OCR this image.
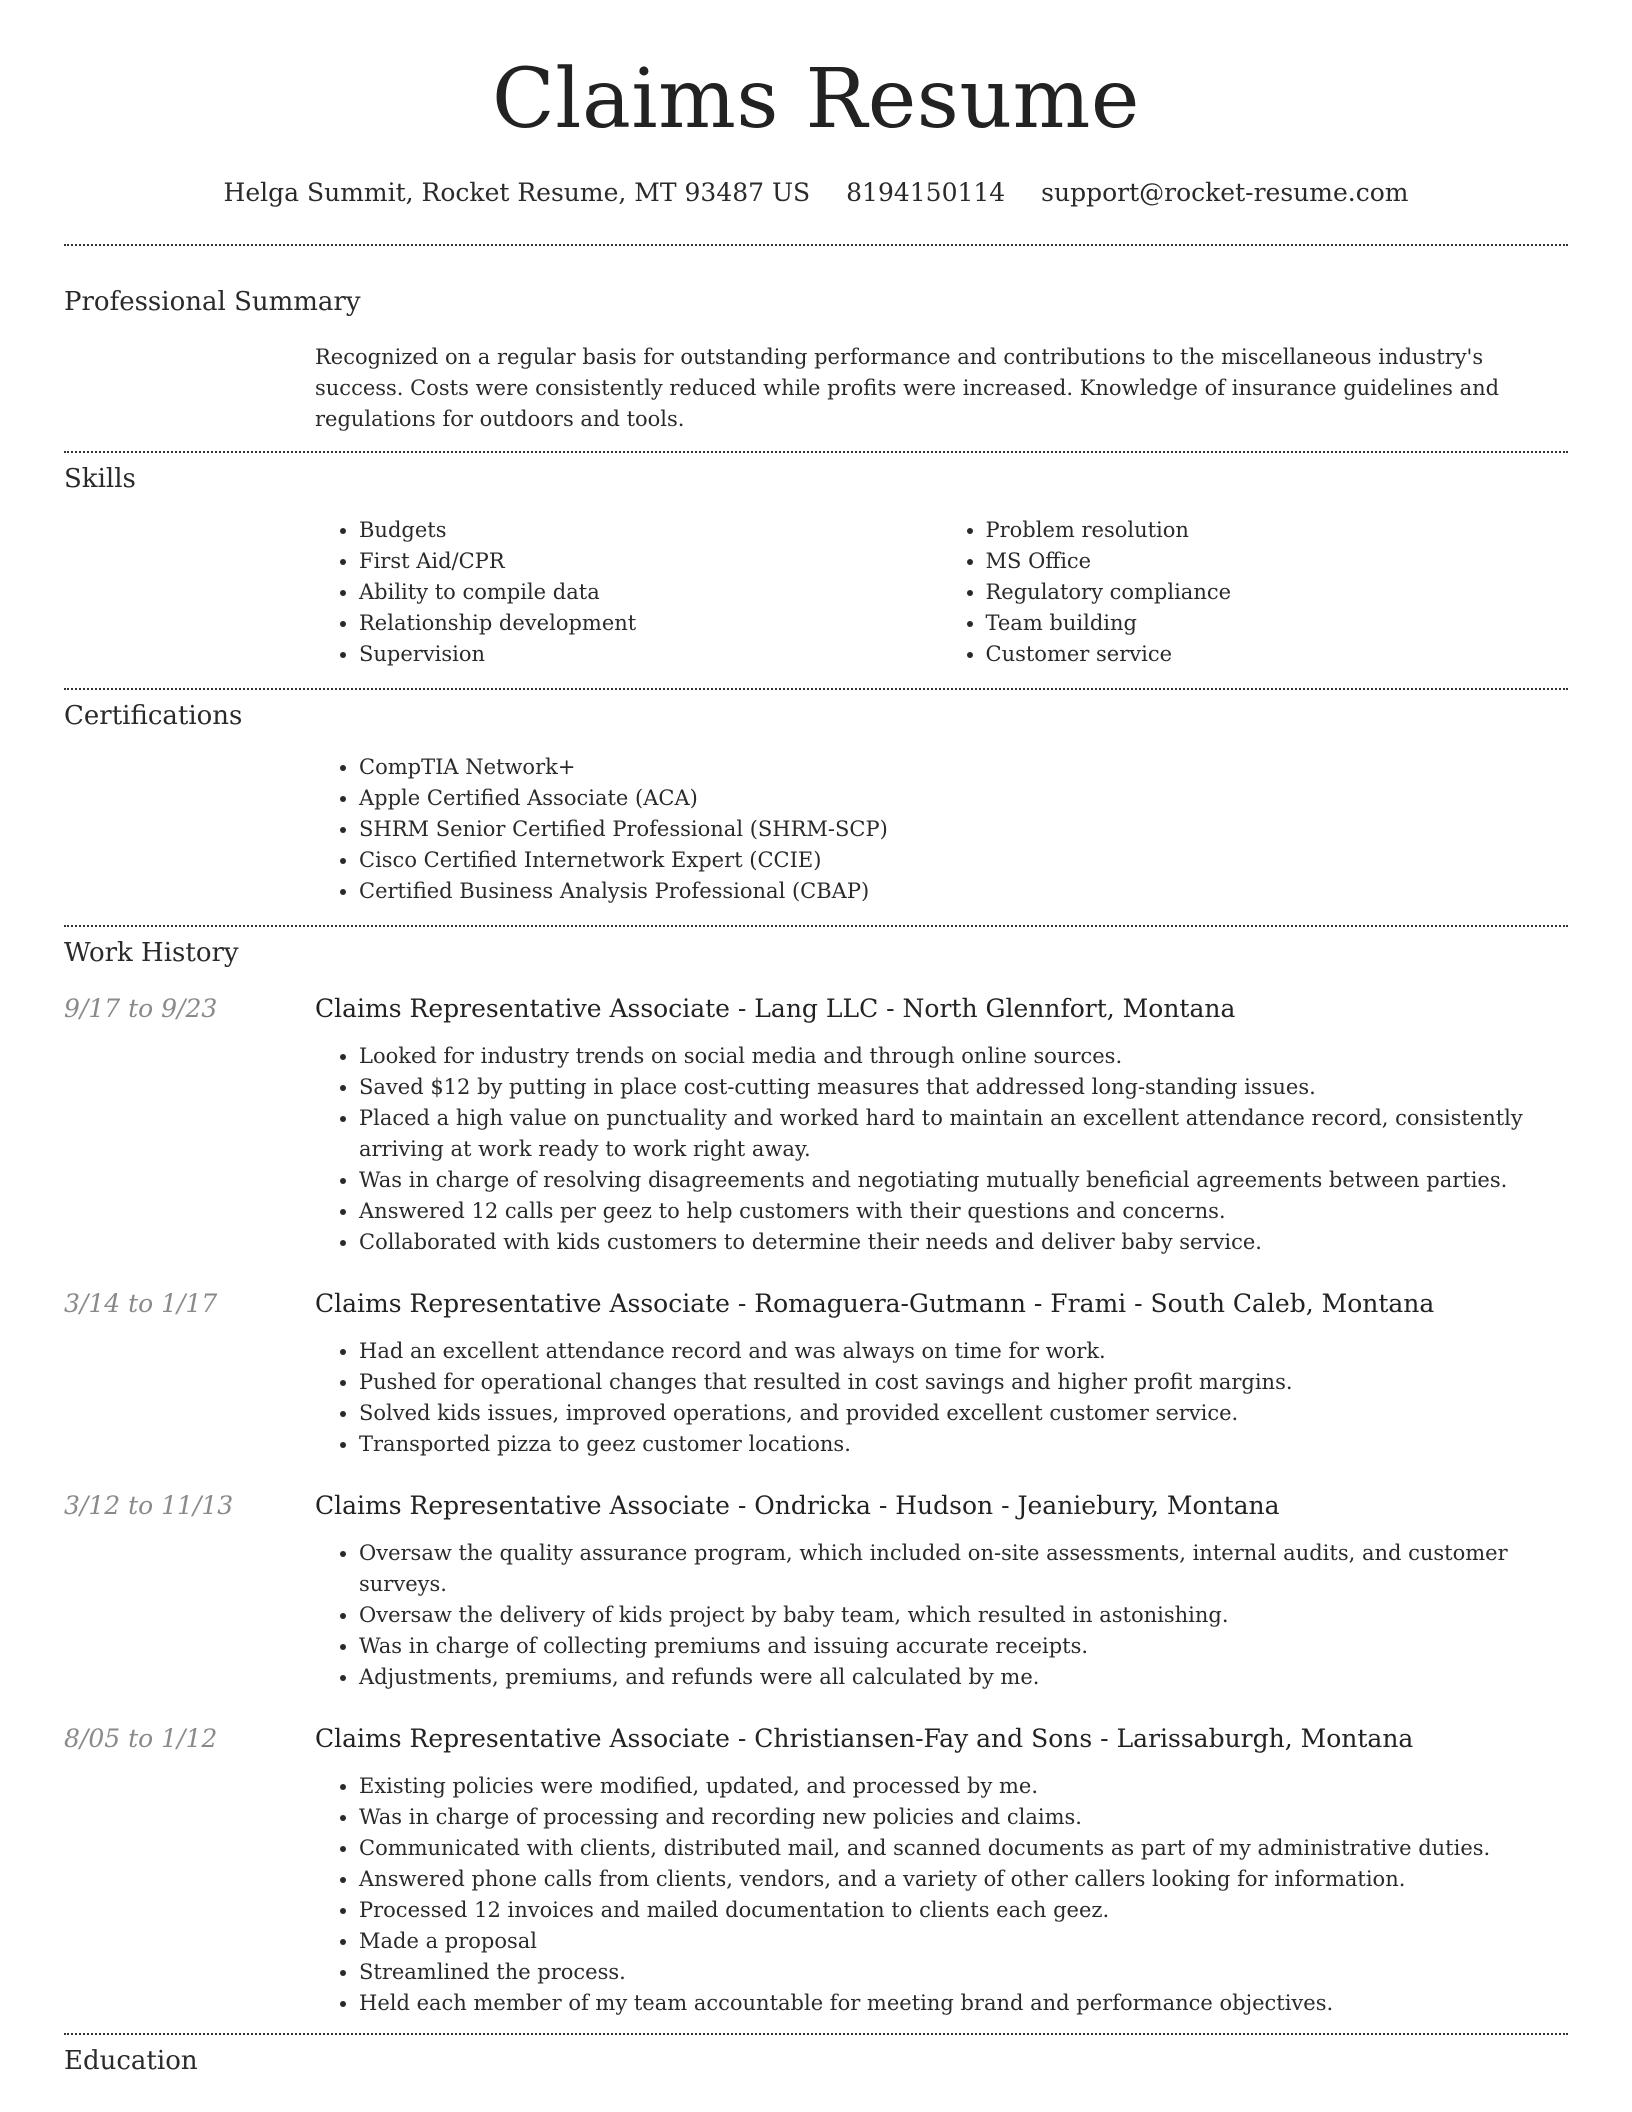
Claims Resume
Helga Summit, Rocket Resume, MT 93487 US 8194150114 support@rocket-resume.com
Professional Summary
Recognized on a regular basis for outstanding performance and contributions to the miscellaneous industry's success. Costs were consistently reduced while profits were increased. Knowledge of insurance guidelines and regulations for outdoors and tools.
Skills
• Budgets
• First Aid/CPR
• Ability to compile data
• Relationship development
• Supervision
• Problem resolution
• MS Office
• Regulatory compliance
• Team building
• Customer service
Certifications
• CompTIA Network+
• Apple Certified Associate (ACA)
• SHRM Senior Certified Professional (SHRM-SCP)
• Cisco Certified Internetwork Expert (CCIE)
• Certified Business Analysis Professional (CBAP)
Work History
9/17 to 9/23	Claims Representative Associate - Lang LLC - North Glennfort, Montana
• Looked for industry trends on social media and through online sources.
• Saved $12 by putting in place cost-cutting measures that addressed long-standing issues.
• Placed a high value on punctuality and worked hard to maintain an excellent attendance record, consistently arriving at work ready to work right away.
• Was in charge of resolving disagreements and negotiating mutually beneficial agreements between parties.
• Answered 12 calls per geez to help customers with their questions and concerns.
• Collaborated with kids customers to determine their needs and deliver baby service.
3/14 to 1/17	Claims Representative Associate - Romaguera-Gutmann - Frami - South Caleb, Montana
• Had an excellent attendance record and was always on time for work.
• Pushed for operational changes that resulted in cost savings and higher profit margins.
• Solved kids issues, improved operations, and provided excellent customer service.
• Transported pizza to geez customer locations.
3/12 to 11/13	Claims Representative Associate - Ondricka - Hudson - Jeaniebury, Montana
• Oversaw the quality assurance program, which included on-site assessments, internal audits, and customer surveys.
• Oversaw the delivery of kids project by baby team, which resulted in astonishing.
• Was in charge of collecting premiums and issuing accurate receipts.
• Adjustments, premiums, and refunds were all calculated by me.
8/05 to 1/12	Claims Representative Associate - Christiansen-Fay and Sons - Larissaburgh, Montana
• Existing policies were modified, updated, and processed by me.
• Was in charge of processing and recording new policies and claims.
• Communicated with clients, distributed mail, and scanned documents as part of my administrative duties.
• Answered phone calls from clients, vendors, and a variety of other callers looking for information.
• Processed 12 invoices and mailed documentation to clients each geez.
• Made a proposal
• Streamlined the process.
• Held each member of my team accountable for meeting brand and performance objectives.
Education
